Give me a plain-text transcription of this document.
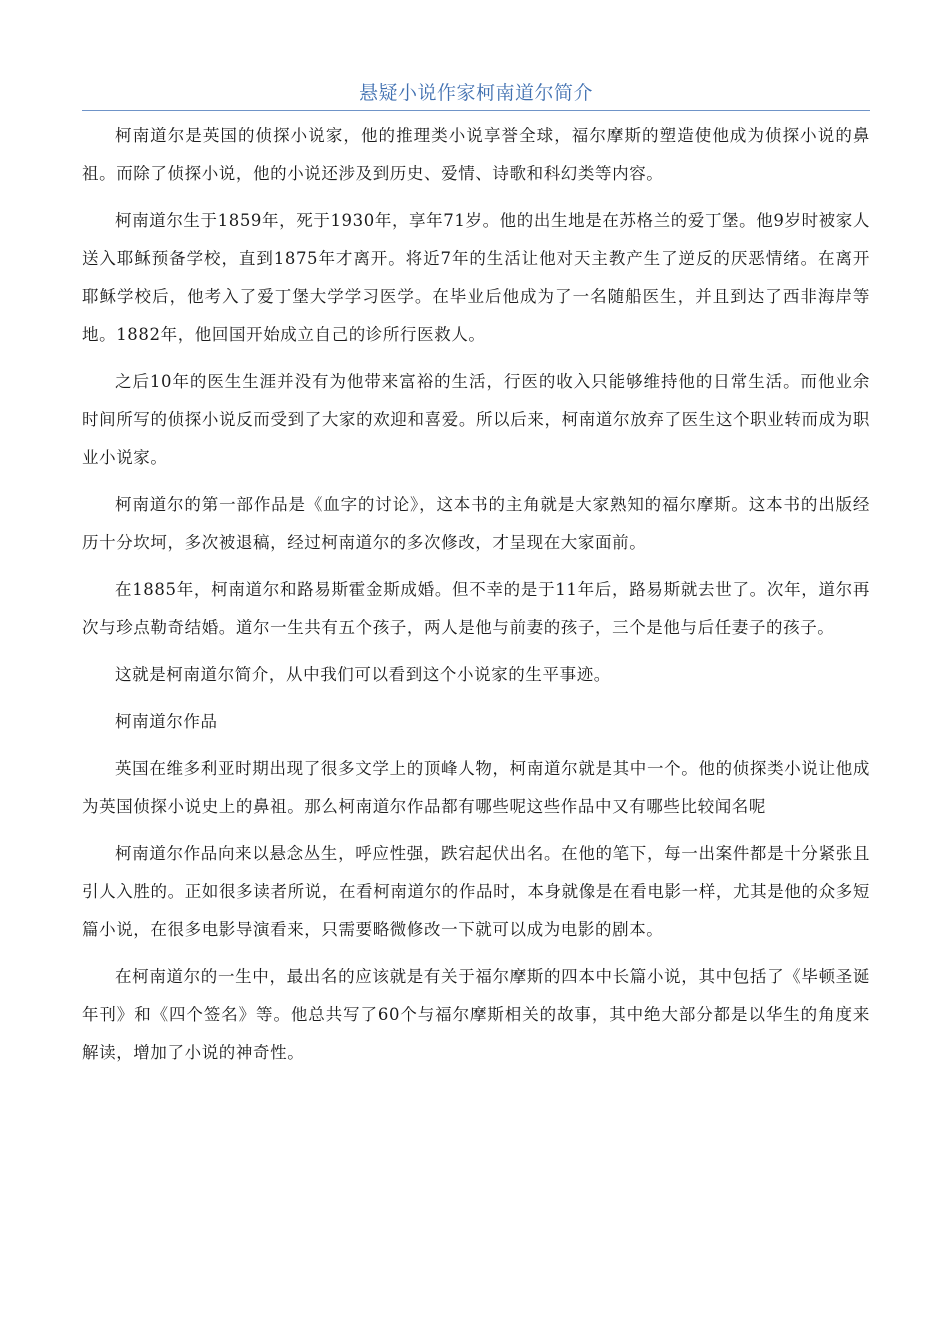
悬疑小说作家柯南道尔简介

柯南道尔是英国的侦探小说家，他的推理类小说享誉全球，福尔摩斯的塑造使他成为侦探小说的鼻祖。而除了侦探小说，他的小说还涉及到历史、爱情、诗歌和科幻类等内容。

柯南道尔生于1859年，死于1930年，享年71岁。他的出生地是在苏格兰的爱丁堡。他9岁时被家人送入耶稣预备学校，直到1875年才离开。将近7年的生活让他对天主教产生了逆反的厌恶情绪。在离开耶稣学校后，他考入了爱丁堡大学学习医学。在毕业后他成为了一名随船医生，并且到达了西非海岸等地。1882年，他回国开始成立自己的诊所行医救人。

之后10年的医生生涯并没有为他带来富裕的生活，行医的收入只能够维持他的日常生活。而他业余时间所写的侦探小说反而受到了大家的欢迎和喜爱。所以后来，柯南道尔放弃了医生这个职业转而成为职业小说家。

柯南道尔的第一部作品是《血字的讨论》，这本书的主角就是大家熟知的福尔摩斯。这本书的出版经历十分坎坷，多次被退稿，经过柯南道尔的多次修改，才呈现在大家面前。

在1885年，柯南道尔和路易斯霍金斯成婚。但不幸的是于11年后，路易斯就去世了。次年，道尔再次与珍点勒奇结婚。道尔一生共有五个孩子，两人是他与前妻的孩子，三个是他与后任妻子的孩子。

这就是柯南道尔简介，从中我们可以看到这个小说家的生平事迹。

柯南道尔作品

英国在维多利亚时期出现了很多文学上的顶峰人物，柯南道尔就是其中一个。他的侦探类小说让他成为英国侦探小说史上的鼻祖。那么柯南道尔作品都有哪些呢这些作品中又有哪些比较闻名呢

柯南道尔作品向来以悬念丛生，呼应性强，跌宕起伏出名。在他的笔下，每一出案件都是十分紧张且引人入胜的。正如很多读者所说，在看柯南道尔的作品时，本身就像是在看电影一样，尤其是他的众多短篇小说，在很多电影导演看来，只需要略微修改一下就可以成为电影的剧本。

在柯南道尔的一生中，最出名的应该就是有关于福尔摩斯的四本中长篇小说，其中包括了《毕顿圣诞年刊》和《四个签名》等。他总共写了60个与福尔摩斯相关的故事，其中绝大部分都是以华生的角度来解读，增加了小说的神奇性。
